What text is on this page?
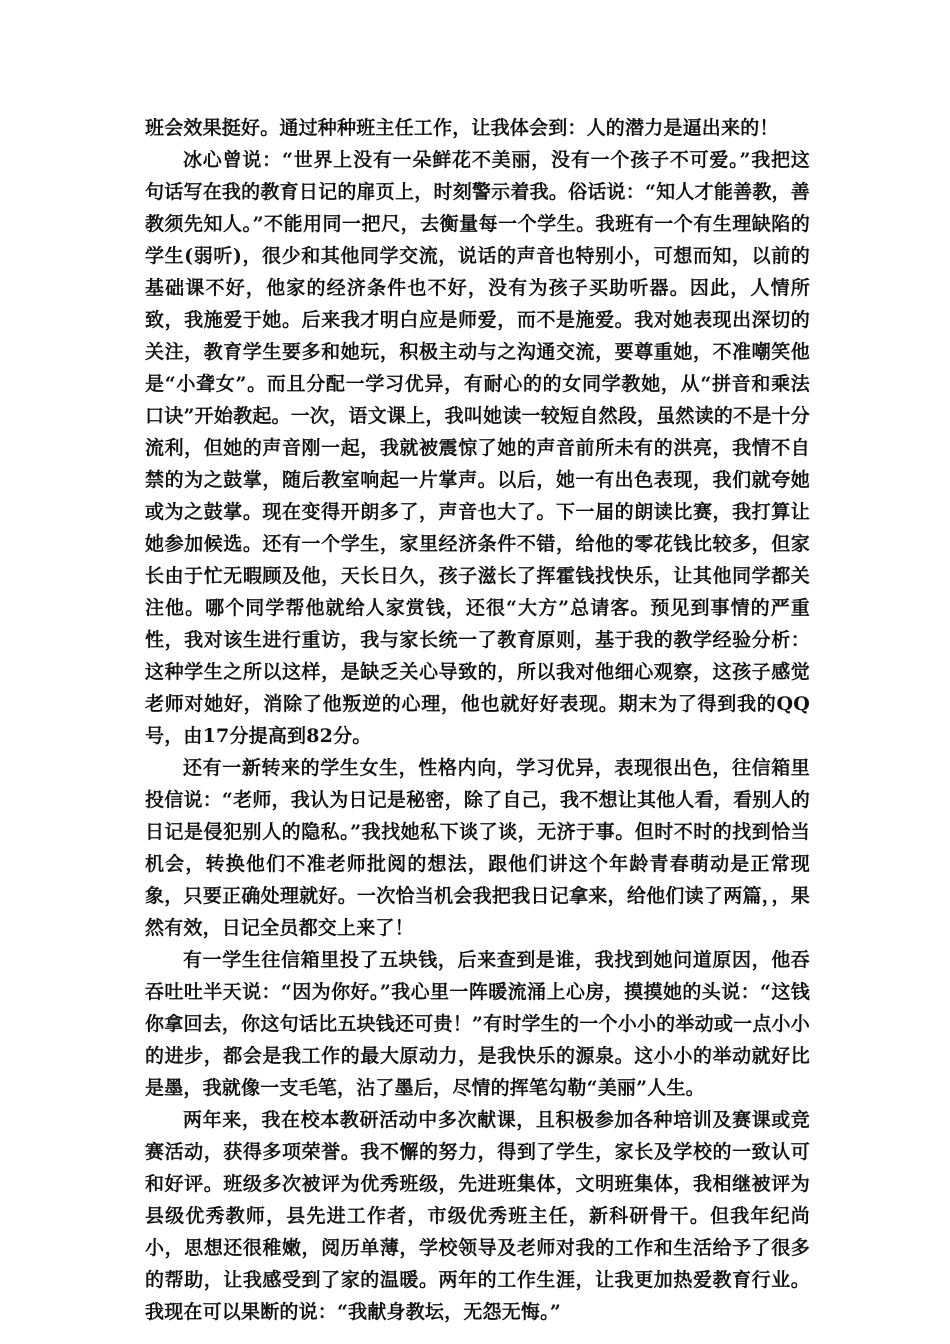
班会效果挺好。通过种种班主任工作，让我体会到：人的潜力是逼出来的！

冰心曾说：“世界上没有一朵鲜花不美丽，没有一个孩子不可爱。”我把这句话写在我的教育日记的扉页上，时刻警示着我。俗话说：“知人才能善教，善教须先知人。”不能用同一把尺，去衡量每一个学生。我班有一个有生理缺陷的学生(弱听)，很少和其他同学交流，说话的声音也特别小，可想而知，以前的基础课不好，他家的经济条件也不好，没有为孩子买助听器。因此，人情所致，我施爱于她。后来我才明白应是师爱，而不是施爱。我对她表现出深切的关注，教育学生要多和她玩，积极主动与之沟通交流，要尊重她，不准嘲笑他是“小聋女”。而且分配一学习优异，有耐心的的女同学教她，从“拼音和乘法口诀”开始教起。一次，语文课上，我叫她读一较短自然段，虽然读的不是十分流利，但她的声音刚一起，我就被震惊了她的声音前所未有的洪亮，我情不自禁的为之鼓掌，随后教室响起一片掌声。以后，她一有出色表现，我们就夸她或为之鼓掌。现在变得开朗多了，声音也大了。下一届的朗读比赛，我打算让她参加候选。还有一个学生，家里经济条件不错，给他的零花钱比较多，但家长由于忙无暇顾及他，天长日久，孩子滋长了挥霍钱找快乐，让其他同学都关注他。哪个同学帮他就给人家赏钱，还很“大方”总请客。预见到事情的严重性，我对该生进行重访，我与家长统一了教育原则，基于我的教学经验分析：这种学生之所以这样，是缺乏关心导致的，所以我对他细心观察，这孩子感觉老师对她好，消除了他叛逆的心理，他也就好好表现。期末为了得到我的QQ号，由17分提高到82分。

还有一新转来的学生女生，性格内向，学习优异，表现很出色，往信箱里投信说：“老师，我认为日记是秘密，除了自己，我不想让其他人看，看别人的日记是侵犯别人的隐私。”我找她私下谈了谈，无济于事。但时不时的找到恰当机会，转换他们不准老师批阅的想法，跟他们讲这个年龄青春萌动是正常现象，只要正确处理就好。一次恰当机会我把我日记拿来，给他们读了两篇，，果然有效，日记全员都交上来了！

有一学生往信箱里投了五块钱，后来查到是谁，我找到她问道原因，他吞吞吐吐半天说：“因为你好。”我心里一阵暖流涌上心房，摸摸她的头说：“这钱你拿回去，你这句话比五块钱还可贵！”有时学生的一个小小的举动或一点小小的进步，都会是我工作的最大原动力，是我快乐的源泉。这小小的举动就好比是墨，我就像一支毛笔，沾了墨后，尽情的挥笔勾勒“美丽”人生。

两年来，我在校本教研活动中多次献课，且积极参加各种培训及赛课或竞赛活动，获得多项荣誉。我不懈的努力，得到了学生，家长及学校的一致认可和好评。班级多次被评为优秀班级，先进班集体，文明班集体，我相继被评为县级优秀教师，县先进工作者，市级优秀班主任，新科研骨干。但我年纪尚小，思想还很稚嫩，阅历单薄，学校领导及老师对我的工作和生活给予了很多的帮助，让我感受到了家的温暖。两年的工作生涯，让我更加热爱教育行业。我现在可以果断的说：“我献身教坛，无怨无悔。”
